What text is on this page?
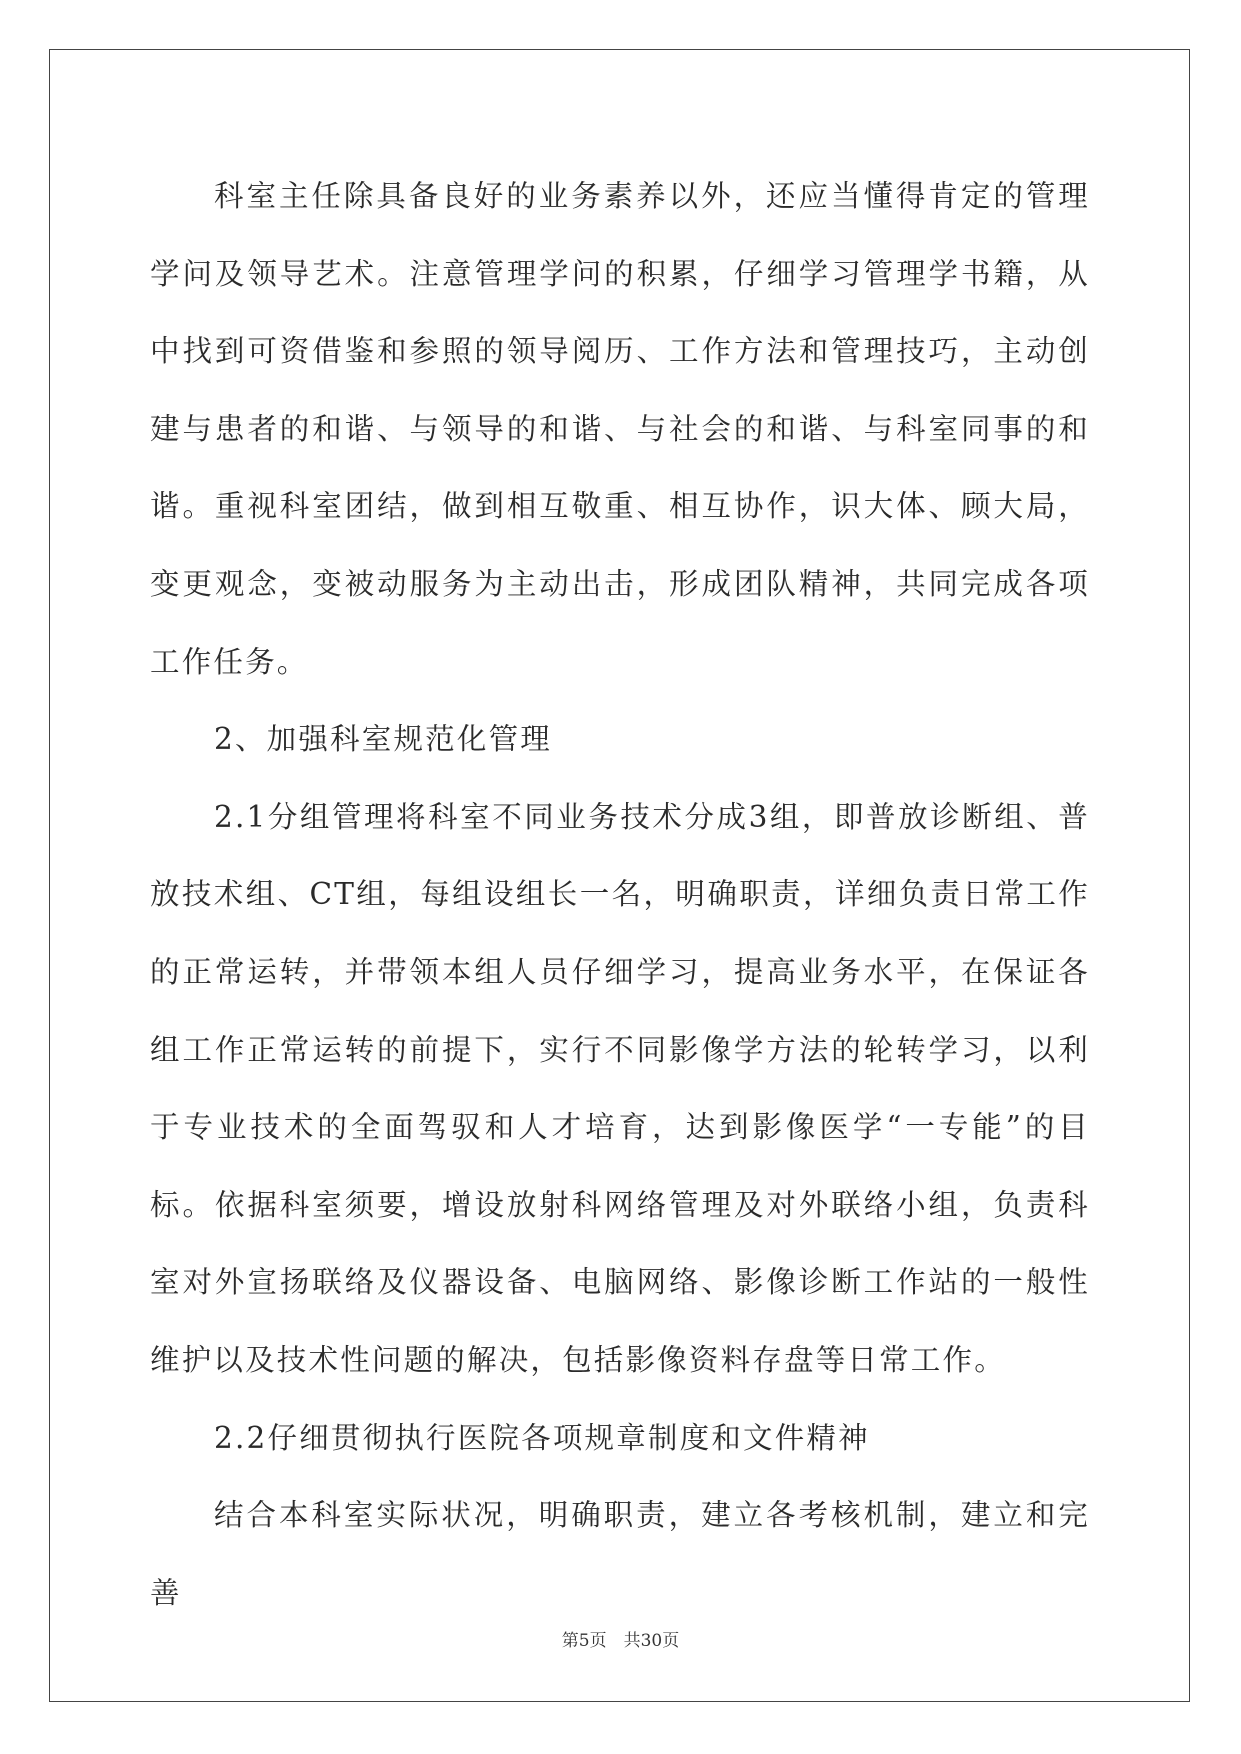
科室主任除具备良好的业务素养以外，还应当懂得肯定的管理学问及领导艺术。注意管理学问的积累，仔细学习管理学书籍，从中找到可资借鉴和参照的领导阅历、工作方法和管理技巧，主动创建与患者的和谐、与领导的和谐、与社会的和谐、与科室同事的和谐。重视科室团结，做到相互敬重、相互协作，识大体、顾大局，变更观念，变被动服务为主动出击，形成团队精神，共同完成各项工作任务。

2、加强科室规范化管理

2.1分组管理将科室不同业务技术分成3组，即普放诊断组、普放技术组、CT组，每组设组长一名，明确职责，详细负责日常工作的正常运转，并带领本组人员仔细学习，提高业务水平，在保证各组工作正常运转的前提下，实行不同影像学方法的轮转学习，以利于专业技术的全面驾驭和人才培育，达到影像医学“一专能”的目标。依据科室须要，增设放射科网络管理及对外联络小组，负责科室对外宣扬联络及仪器设备、电脑网络、影像诊断工作站的一般性维护以及技术性问题的解决，包括影像资料存盘等日常工作。

2.2仔细贯彻执行医院各项规章制度和文件精神

结合本科室实际状况，明确职责，建立各考核机制，建立和完善

第5页　共30页
